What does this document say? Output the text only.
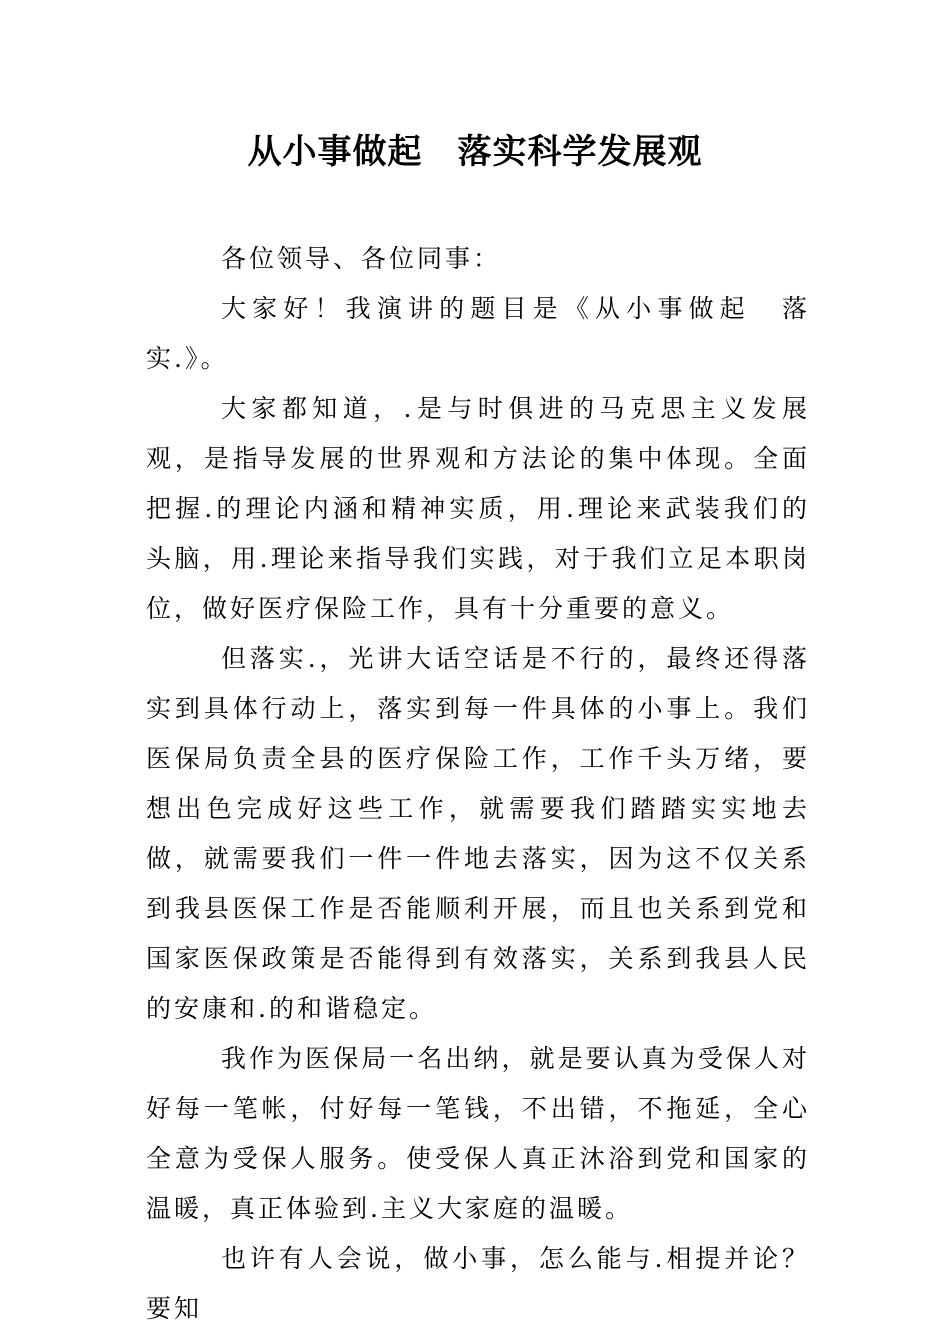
从小事做起　落实科学发展观

各位领导、各位同事：

大家好！我演讲的题目是《从小事做起　落实.》。

大家都知道，.是与时俱进的马克思主义发展观，是指导发展的世界观和方法论的集中体现。全面把握.的理论内涵和精神实质，用.理论来武装我们的头脑，用.理论来指导我们实践，对于我们立足本职岗位，做好医疗保险工作，具有十分重要的意义。

但落实.，光讲大话空话是不行的，最终还得落实到具体行动上，落实到每一件具体的小事上。我们医保局负责全县的医疗保险工作，工作千头万绪，要想出色完成好这些工作，就需要我们踏踏实实地去做，就需要我们一件一件地去落实，因为这不仅关系到我县医保工作是否能顺利开展，而且也关系到党和国家医保政策是否能得到有效落实，关系到我县人民的安康和.的和谐稳定。

我作为医保局一名出纳，就是要认真为受保人对好每一笔帐，付好每一笔钱，不出错，不拖延，全心全意为受保人服务。使受保人真正沐浴到党和国家的温暖，真正体验到.主义大家庭的温暖。

也许有人会说，做小事，怎么能与.相提并论？要知
